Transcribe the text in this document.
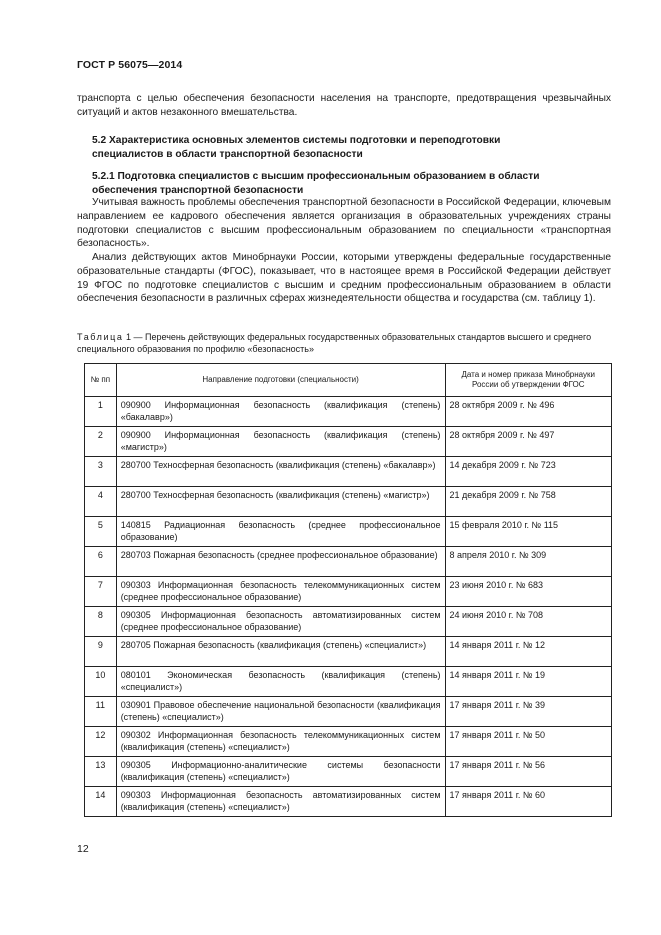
ГОСТ Р 56075—2014
транспорта с целью обеспечения безопасности населения на транспорте, предотвращения чрезвычайных ситуаций и актов незаконного вмешательства.
5.2 Характеристика основных элементов системы подготовки и переподготовки
специалистов в области транспортной безопасности
5.2.1 Подготовка специалистов с высшим профессиональным образованием в области
обеспечения транспортной безопасности
Учитывая важность проблемы обеспечения транспортной безопасности в Российской Федерации, ключевым направлением ее кадрового обеспечения является организация в образовательных учреждениях страны подготовки специалистов с высшим профессиональным образованием по специальности «транспортная безопасность».
Анализ действующих актов Минобрнауки России, которыми утверждены федеральные государственные образовательные стандарты (ФГОС), показывает, что в настоящее время в Российской Федерации действует 19 ФГОС по подготовке специалистов с высшим и средним профессиональным образованием в области обеспечения безопасности в различных сферах жизнедеятельности общества и государства (см. таблицу 1).
Таблица 1 — Перечень действующих федеральных государственных образовательных стандартов высшего и среднего специального образования по профилю «безопасность»
№ пп	Направление подготовки (специальности)	Дата и номер приказа Минобрнауки России об утверждении ФГОС
1	090900 Информационная безопасность (квалификация (степень) «бакалавр»)	28 октября 2009 г. № 496
2	090900 Информационная безопасность (квалификация (степень) «магистр»)	28 октября 2009 г. № 497
3	280700 Техносферная безопасность (квалификация (степень) «бакалавр»)	14 декабря 2009 г. № 723
4	280700 Техносферная безопасность (квалификация (степень) «магистр»)	21 декабря 2009 г. № 758
5	140815 Радиационная безопасность (среднее профессиональное образование)	15 февраля 2010 г. № 115
6	280703 Пожарная безопасность (среднее профессиональное образование)	8 апреля 2010 г. № 309
7	090303 Информационная безопасность телекоммуникационных систем (среднее профессиональное образование)	23 июня 2010 г. № 683
8	090305 Информационная безопасность автоматизированных систем (среднее профессиональное образование)	24 июня 2010 г. № 708
9	280705 Пожарная безопасность (квалификация (степень) «специалист»)	14 января 2011 г. № 12
10	080101 Экономическая безопасность (квалификация (степень) «специалист»)	14 января 2011 г. № 19
11	030901 Правовое обеспечение национальной безопасности (квалификация (степень) «специалист»)	17 января 2011 г. № 39
12	090302 Информационная безопасность телекоммуникационных систем (квалификация (степень) «специалист»)	17 января 2011 г. № 50
13	090305 Информационно-аналитические системы безопасности (квалификация (степень) «специалист»)	17 января 2011 г. № 56
14	090303 Информационная безопасность автоматизированных систем (квалификация (степень) «специалист»)	17 января 2011 г. № 60
12
